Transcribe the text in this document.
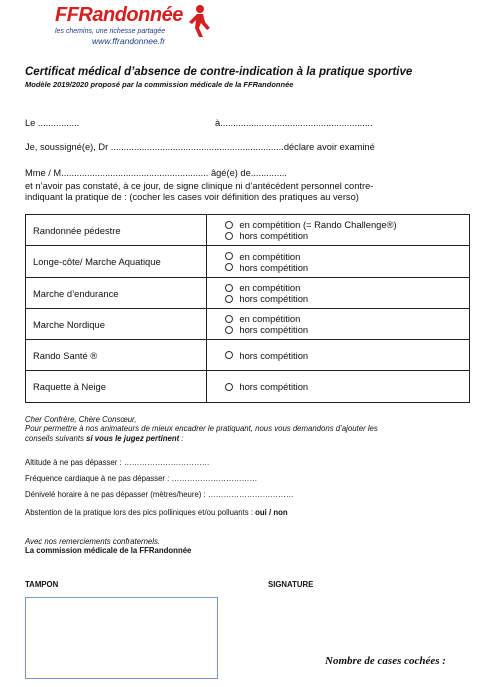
FFRandonnée
les chemins, une richesse partagée
www.ffrandonnee.fr
Certificat médical d’absence de contre-indication à la pratique sportive
Modèle 2019/2020 proposé par la commission médicale de la FFRandonnée
Le ................	à...........................................................
Je, soussigné(e), Dr ...................................................................déclare avoir examiné
Mme / M......................................................... âgé(e) de..............
et n’avoir pas constaté, à ce jour, de signe clinique ni d’antécédent personnel contre-
indiquant la pratique de : (cocher les cases voir définition des pratiques au verso)
Randonnée pédestre	en compétition (= Rando Challenge®)
hors compétition

Longe-côte/ Marche Aquatique	en compétition
hors compétition

Marche d’endurance	en compétition
hors compétition

Marche Nordique	en compétition
hors compétition

Rando Santé ®	hors compétition

Raquette à Neige	hors compétition
Cher Confrère, Chère Consœur,
Pour permettre à nos animateurs de mieux encadrer le pratiquant, nous vous demandons d’ajouter les
conseils suivants si vous le jugez pertinent :
Altitude à ne pas dépasser : ……………………………
Fréquence cardiaque à ne pas dépasser : ……………………………
Dénivelé horaire à ne pas dépasser (mètres/heure) : ……………………………
Abstention de la pratique lors des pics polliniques et/ou polluants : oui / non
Avec nos remerciements confraternels.
La commission médicale de la FFRandonnée
TAMPON	SIGNATURE
Nombre de cases cochées :
